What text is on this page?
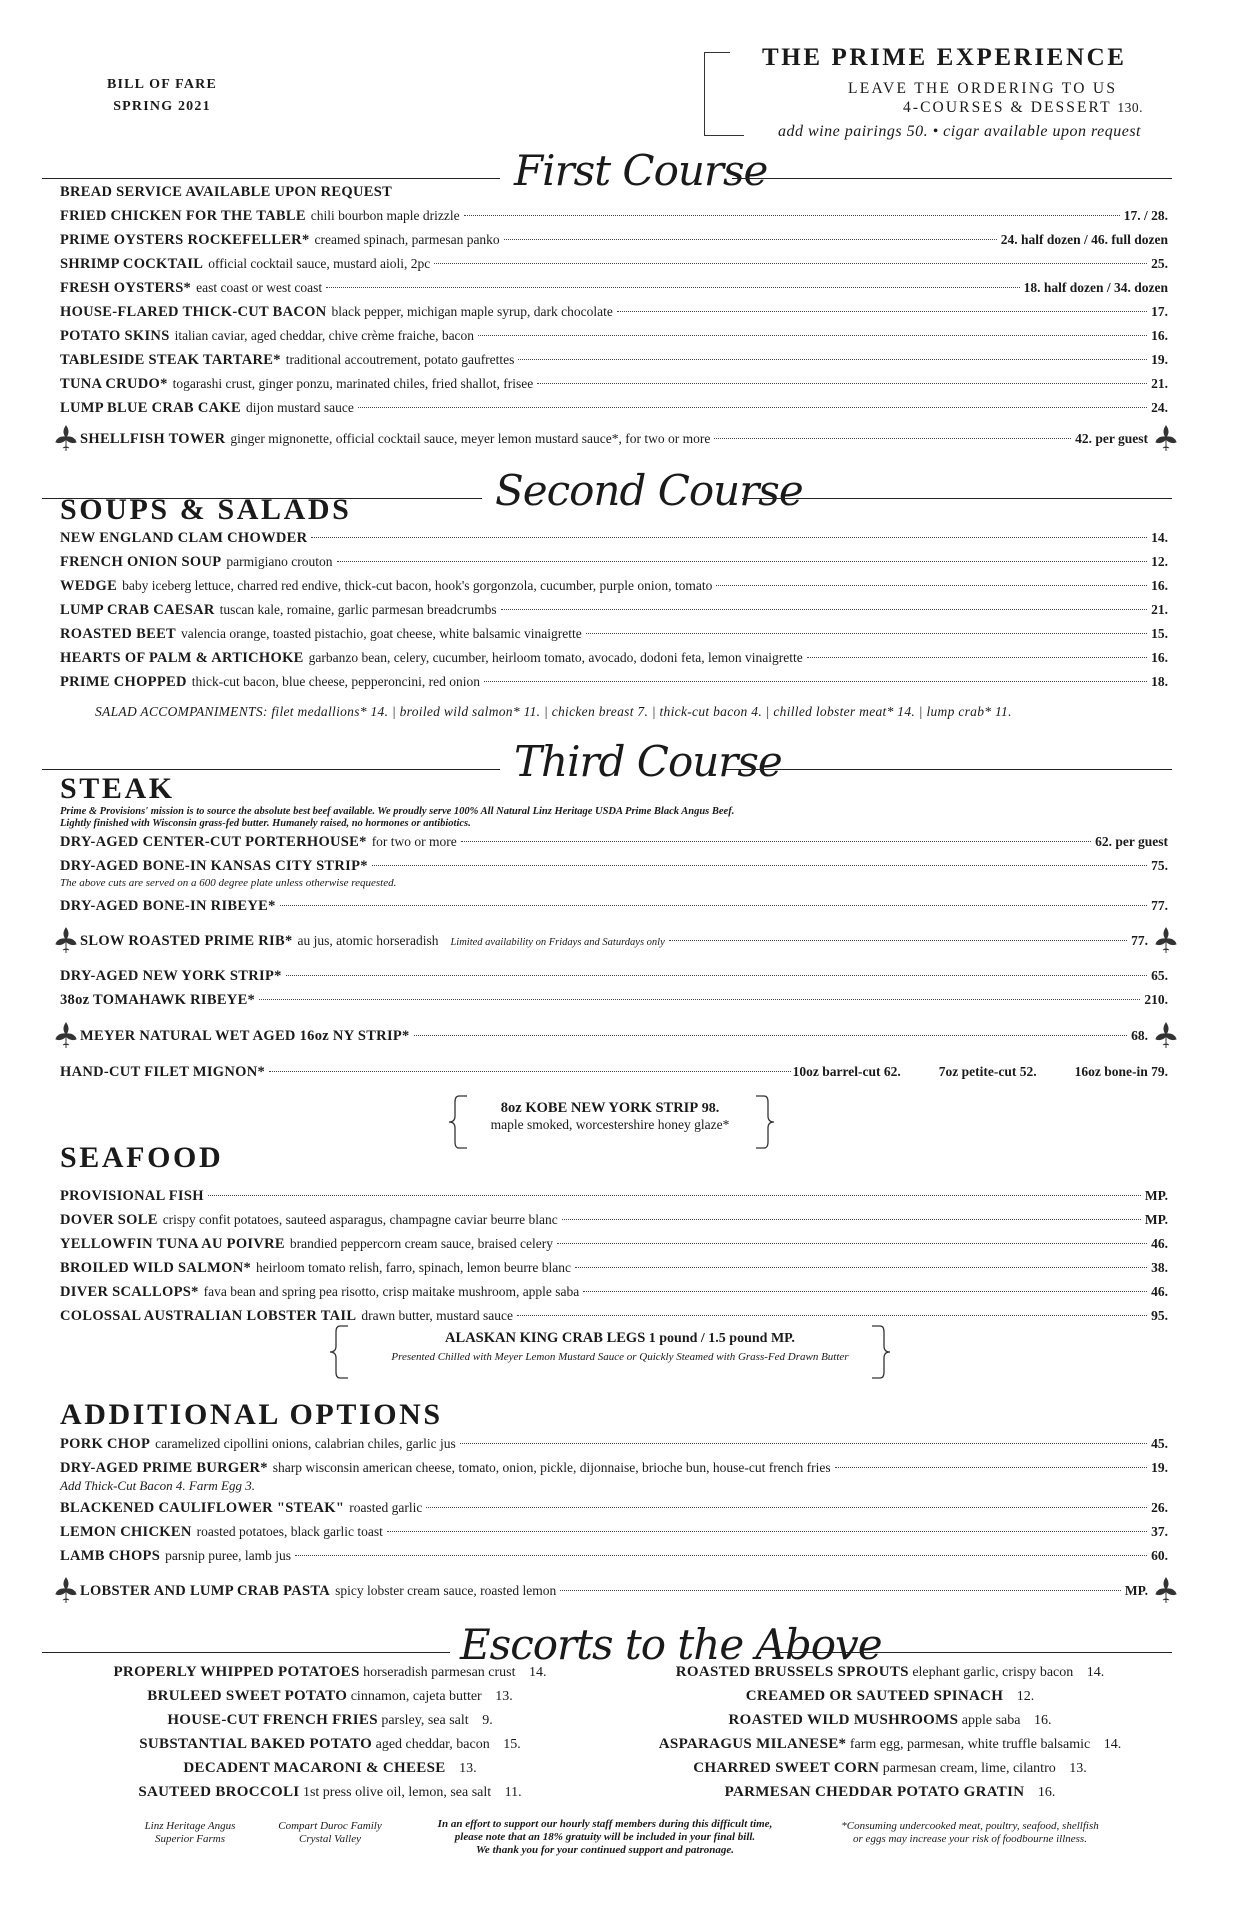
BILL OF FARE
SPRING 2021
THE PRIME EXPERIENCE
LEAVE THE ORDERING TO US
4-COURSES & DESSERT 130.
add wine pairings 50. • cigar available upon request
First Course
BREAD SERVICE AVAILABLE UPON REQUEST
FRIED CHICKEN FOR THE TABLE chili bourbon maple drizzle	17. / 28.
PRIME OYSTERS ROCKEFELLER* creamed spinach, parmesan panko	24. half dozen / 46. full dozen
SHRIMP COCKTAIL official cocktail sauce, mustard aioli, 2pc	25.
FRESH OYSTERS* east coast or west coast	18. half dozen / 34. dozen
HOUSE-FLARED THICK-CUT BACON black pepper, michigan maple syrup, dark chocolate	17.
POTATO SKINS italian caviar, aged cheddar, chive crème fraiche, bacon	16.
TABLESIDE STEAK TARTARE* traditional accoutrement, potato gaufrettes	19.
TUNA CRUDO* togarashi crust, ginger ponzu, marinated chiles, fried shallot, frisee	21.
LUMP BLUE CRAB CAKE dijon mustard sauce	24.
SHELLFISH TOWER ginger mignonette, official cocktail sauce, meyer lemon mustard sauce*, for two or more	42. per guest
Second Course
SOUPS & SALADS
NEW ENGLAND CLAM CHOWDER	14.
FRENCH ONION SOUP parmigiano crouton	12.
WEDGE baby iceberg lettuce, charred red endive, thick-cut bacon, hook's gorgonzola, cucumber, purple onion, tomato	16.
LUMP CRAB CAESAR tuscan kale, romaine, garlic parmesan breadcrumbs	21.
ROASTED BEET valencia orange, toasted pistachio, goat cheese, white balsamic vinaigrette	15.
HEARTS OF PALM & ARTICHOKE garbanzo bean, celery, cucumber, heirloom tomato, avocado, dodoni feta, lemon vinaigrette	16.
PRIME CHOPPED thick-cut bacon, blue cheese, pepperoncini, red onion	18.
SALAD ACCOMPANIMENTS: filet medallions* 14. | broiled wild salmon* 11. | chicken breast 7. | thick-cut bacon 4. | chilled lobster meat* 14. | lump crab* 11.
Third Course
STEAK
Prime & Provisions' mission is to source the absolute best beef available. We proudly serve 100% All Natural Linz Heritage USDA Prime Black Angus Beef.
Lightly finished with Wisconsin grass-fed butter. Humanely raised, no hormones or antibiotics.
DRY-AGED CENTER-CUT PORTERHOUSE* for two or more	62. per guest
DRY-AGED BONE-IN KANSAS CITY STRIP*	75.
The above cuts are served on a 600 degree plate unless otherwise requested.
DRY-AGED BONE-IN RIBEYE*	77.
SLOW ROASTED PRIME RIB* au jus, atomic horseradish Limited availability on Fridays and Saturdays only	77.
DRY-AGED NEW YORK STRIP*	65.
38oz TOMAHAWK RIBEYE*	210.
MEYER NATURAL WET AGED 16oz NY STRIP*	68.
HAND-CUT FILET MIGNON*	10oz barrel-cut 62.	7oz petite-cut 52.	16oz bone-in 79.
8oz KOBE NEW YORK STRIP 98.
maple smoked, worcestershire honey glaze*
SEAFOOD
PROVISIONAL FISH	MP.
DOVER SOLE crispy confit potatoes, sauteed asparagus, champagne caviar beurre blanc	MP.
YELLOWFIN TUNA AU POIVRE brandied peppercorn cream sauce, braised celery	46.
BROILED WILD SALMON* heirloom tomato relish, farro, spinach, lemon beurre blanc	38.
DIVER SCALLOPS* fava bean and spring pea risotto, crisp maitake mushroom, apple saba	46.
COLOSSAL AUSTRALIAN LOBSTER TAIL drawn butter, mustard sauce	95.
ALASKAN KING CRAB LEGS 1 pound / 1.5 pound MP.
Presented Chilled with Meyer Lemon Mustard Sauce or Quickly Steamed with Grass-Fed Drawn Butter
ADDITIONAL OPTIONS
PORK CHOP caramelized cipollini onions, calabrian chiles, garlic jus	45.
DRY-AGED PRIME BURGER* sharp wisconsin american cheese, tomato, onion, pickle, dijonnaise, brioche bun, house-cut french fries	19.
Add Thick-Cut Bacon 4. Farm Egg 3.
BLACKENED CAULIFLOWER "STEAK" roasted garlic	26.
LEMON CHICKEN roasted potatoes, black garlic toast	37.
LAMB CHOPS parsnip puree, lamb jus	60.
LOBSTER AND LUMP CRAB PASTA spicy lobster cream sauce, roasted lemon	MP.
Escorts to the Above
PROPERLY WHIPPED POTATOES horseradish parmesan crust 14.
BRULEED SWEET POTATO cinnamon, cajeta butter 13.
HOUSE-CUT FRENCH FRIES parsley, sea salt 9.
SUBSTANTIAL BAKED POTATO aged cheddar, bacon 15.
DECADENT MACARONI & CHEESE 13.
SAUTEED BROCCOLI 1st press olive oil, lemon, sea salt 11.
ROASTED BRUSSELS SPROUTS elephant garlic, crispy bacon 14.
CREAMED OR SAUTEED SPINACH 12.
ROASTED WILD MUSHROOMS apple saba 16.
ASPARAGUS MILANESE* farm egg, parmesan, white truffle balsamic 14.
CHARRED SWEET CORN parmesan cream, lime, cilantro 13.
PARMESAN CHEDDAR POTATO GRATIN 16.
Linz Heritage Angus
Superior Farms
Compart Duroc Family
Crystal Valley
In an effort to support our hourly staff members during this difficult time,
please note that an 18% gratuity will be included in your final bill.
We thank you for your continued support and patronage.
*Consuming undercooked meat, poultry, seafood, shellfish
or eggs may increase your risk of foodbourne illness.
